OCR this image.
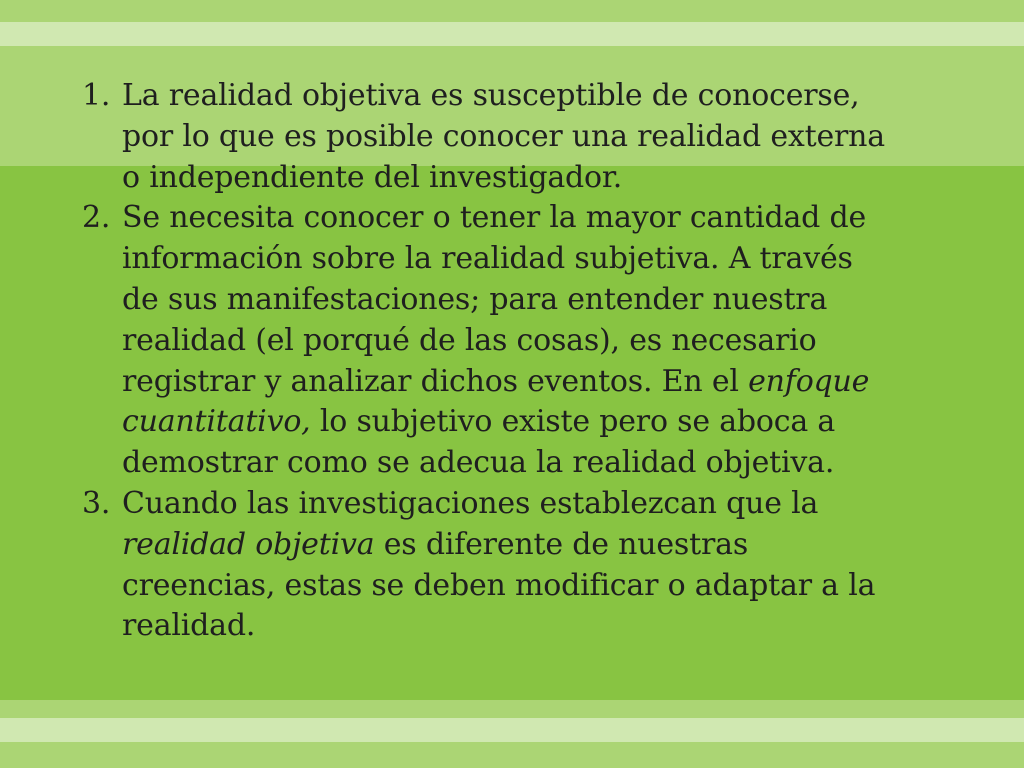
1. La realidad objetiva es susceptible de conocerse, por lo que es posible conocer una realidad externa o independiente del investigador.
2. Se necesita conocer o tener la mayor cantidad de información sobre la realidad subjetiva. A través de sus manifestaciones; para entender nuestra realidad (el porqué de las cosas), es necesario registrar y analizar dichos eventos. En el enfoque cuantitativo, lo subjetivo existe pero se aboca a demostrar como se adecua la realidad objetiva.
3. Cuando las investigaciones establezcan que la realidad objetiva es diferente de nuestras creencias, estas se deben modificar o adaptar a la realidad.
